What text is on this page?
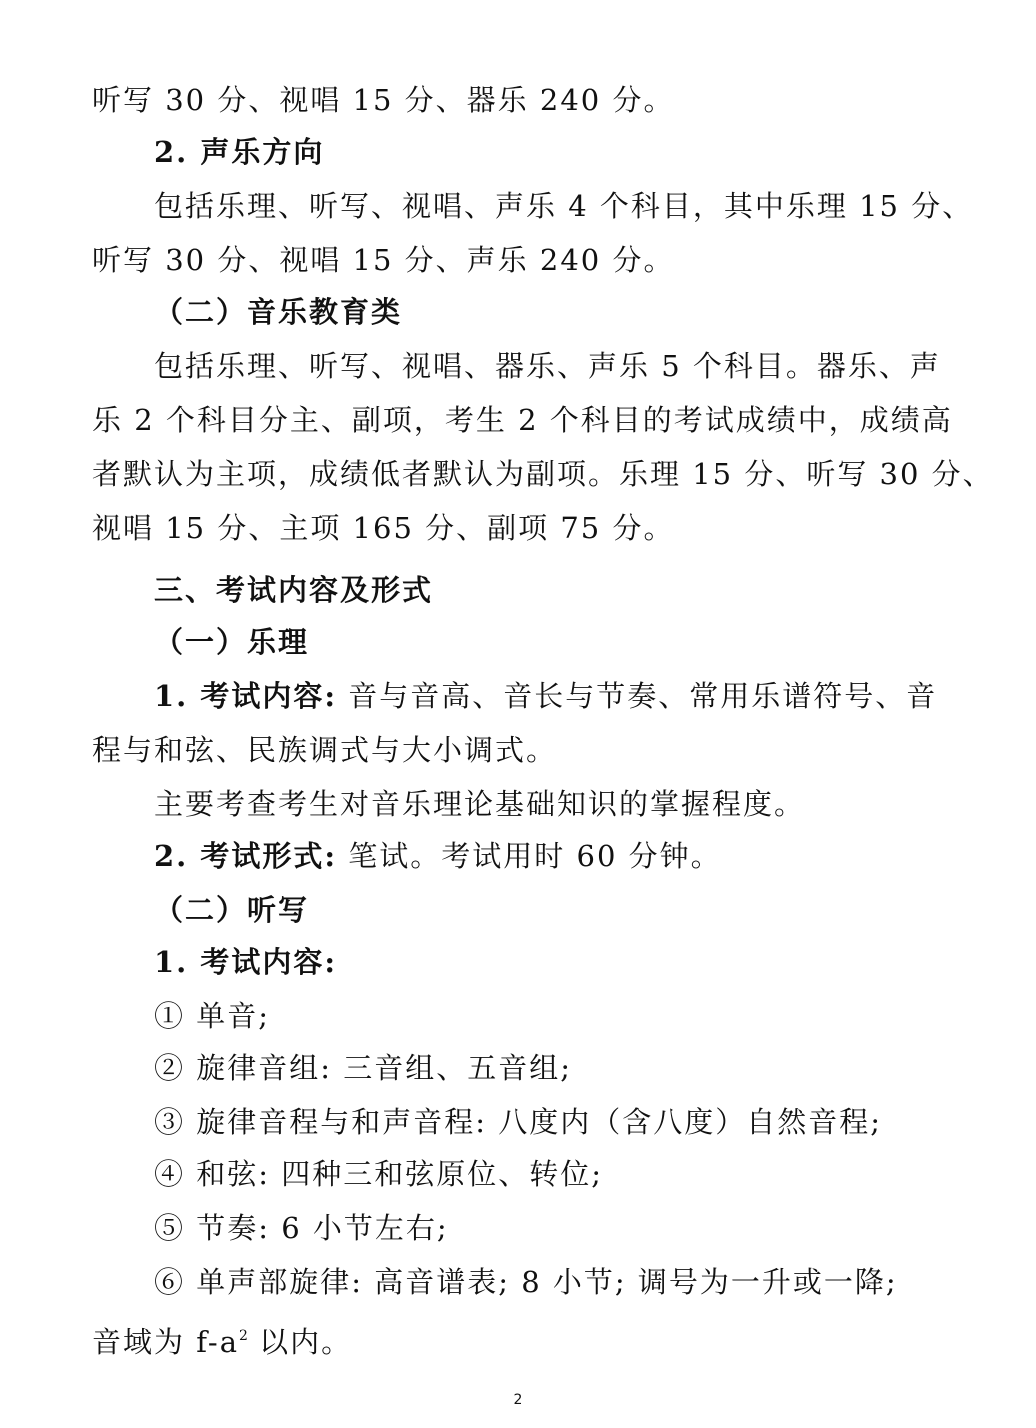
听写 30 分、视唱 15 分、器乐 240 分。
2. 声乐方向
包括乐理、听写、视唱、声乐 4 个科目，其中乐理 15 分、
听写 30 分、视唱 15 分、声乐 240 分。
（二）音乐教育类
包括乐理、听写、视唱、器乐、声乐 5 个科目。器乐、声
乐 2 个科目分主、副项，考生 2 个科目的考试成绩中，成绩高
者默认为主项，成绩低者默认为副项。乐理 15 分、听写 30 分、
视唱 15 分、主项 165 分、副项 75 分。
三、考试内容及形式
（一）乐理
1. 考试内容: 音与音高、音长与节奏、常用乐谱符号、音
程与和弦、民族调式与大小调式。
主要考查考生对音乐理论基础知识的掌握程度。
2. 考试形式: 笔试。考试用时 60 分钟。
（二）听写
1. 考试内容:
① 单音;
② 旋律音组: 三音组、五音组;
③ 旋律音程与和声音程: 八度内（含八度）自然音程;
④ 和弦: 四种三和弦原位、转位;
⑤ 节奏: 6 小节左右;
⑥ 单声部旋律: 高音谱表; 8 小节; 调号为一升或一降;
音域为 $f-a^2$ 以内。
2
